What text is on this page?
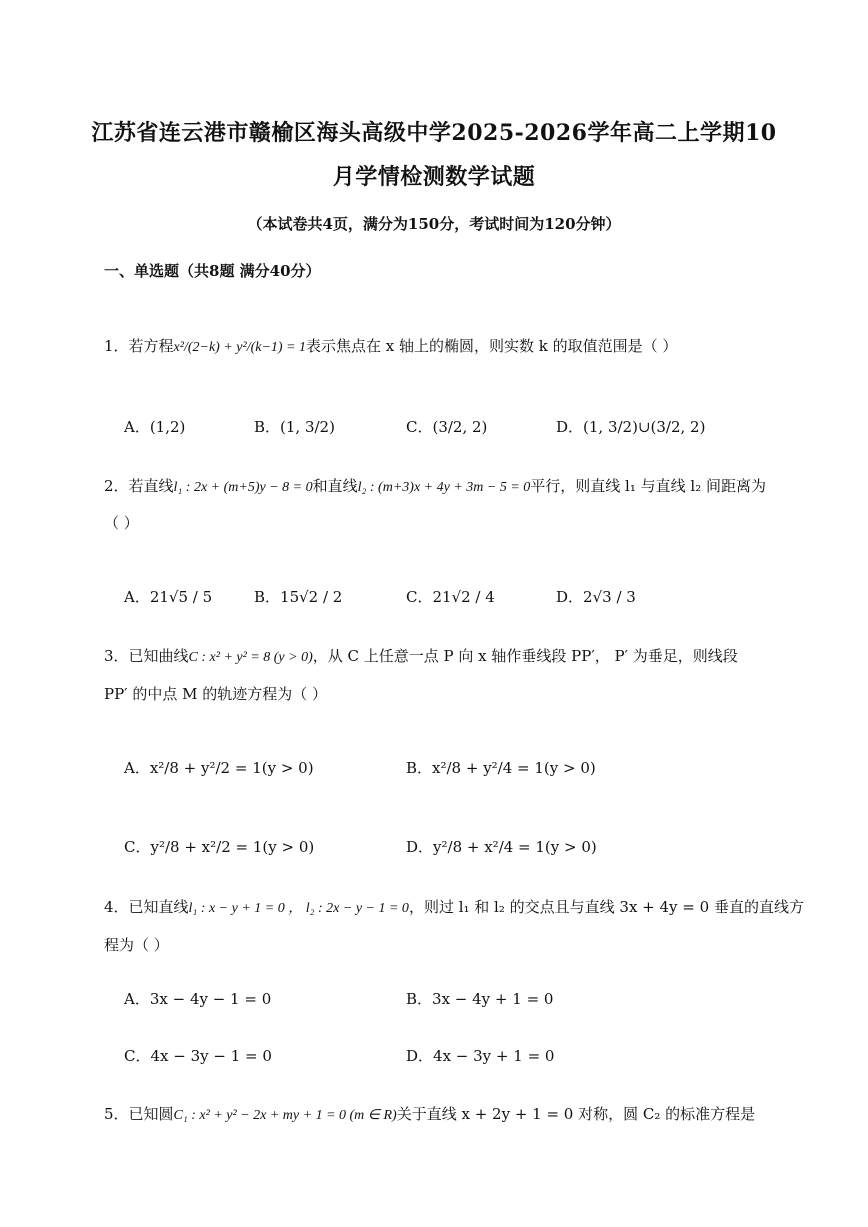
江苏省连云港市赣榆区海头高级中学2025-2026学年高二上学期10
月学情检测数学试题
（本试卷共4页，满分为150分，考试时间为120分钟）
一、单选题（共8题 满分40分）
1．若方程x²/(2−k) + y²/(k−1) = 1表示焦点在 x 轴上的椭圆，则实数 k 的取值范围是（ ）
A．(1,2)	B．(1, 3/2)	C．(3/2, 2)	D．(1, 3/2)∪(3/2, 2)
2．若直线l₁ : 2x + (m+5)y − 8 = 0和直线l₂ : (m+3)x + 4y + 3m − 5 = 0平行，则直线 l₁ 与直线 l₂ 间距离为
（ ）
A．21√5 / 5	B．15√2 / 2	C．21√2 / 4	D．2√3 / 3
3．已知曲线C : x² + y² = 8 (y > 0)，从 C 上任意一点 P 向 x 轴作垂线段 PP′， P′ 为垂足，则线段
PP′ 的中点 M 的轨迹方程为（ ）
A．x²/8 + y²/2 = 1(y > 0)	B．x²/8 + y²/4 = 1(y > 0)
C．y²/8 + x²/2 = 1(y > 0)	D．y²/8 + x²/4 = 1(y > 0)
4．已知直线l₁ : x − y + 1 = 0 ， l₂ : 2x − y − 1 = 0，则过 l₁ 和 l₂ 的交点且与直线 3x + 4y = 0 垂直的直线方
程为（ ）
A．3x − 4y − 1 = 0	B．3x − 4y + 1 = 0
C．4x − 3y − 1 = 0	D．4x − 3y + 1 = 0
5．已知圆C₁ : x² + y² − 2x + my + 1 = 0 (m ∈ R)关于直线 x + 2y + 1 = 0 对称，圆 C₂ 的标准方程是
